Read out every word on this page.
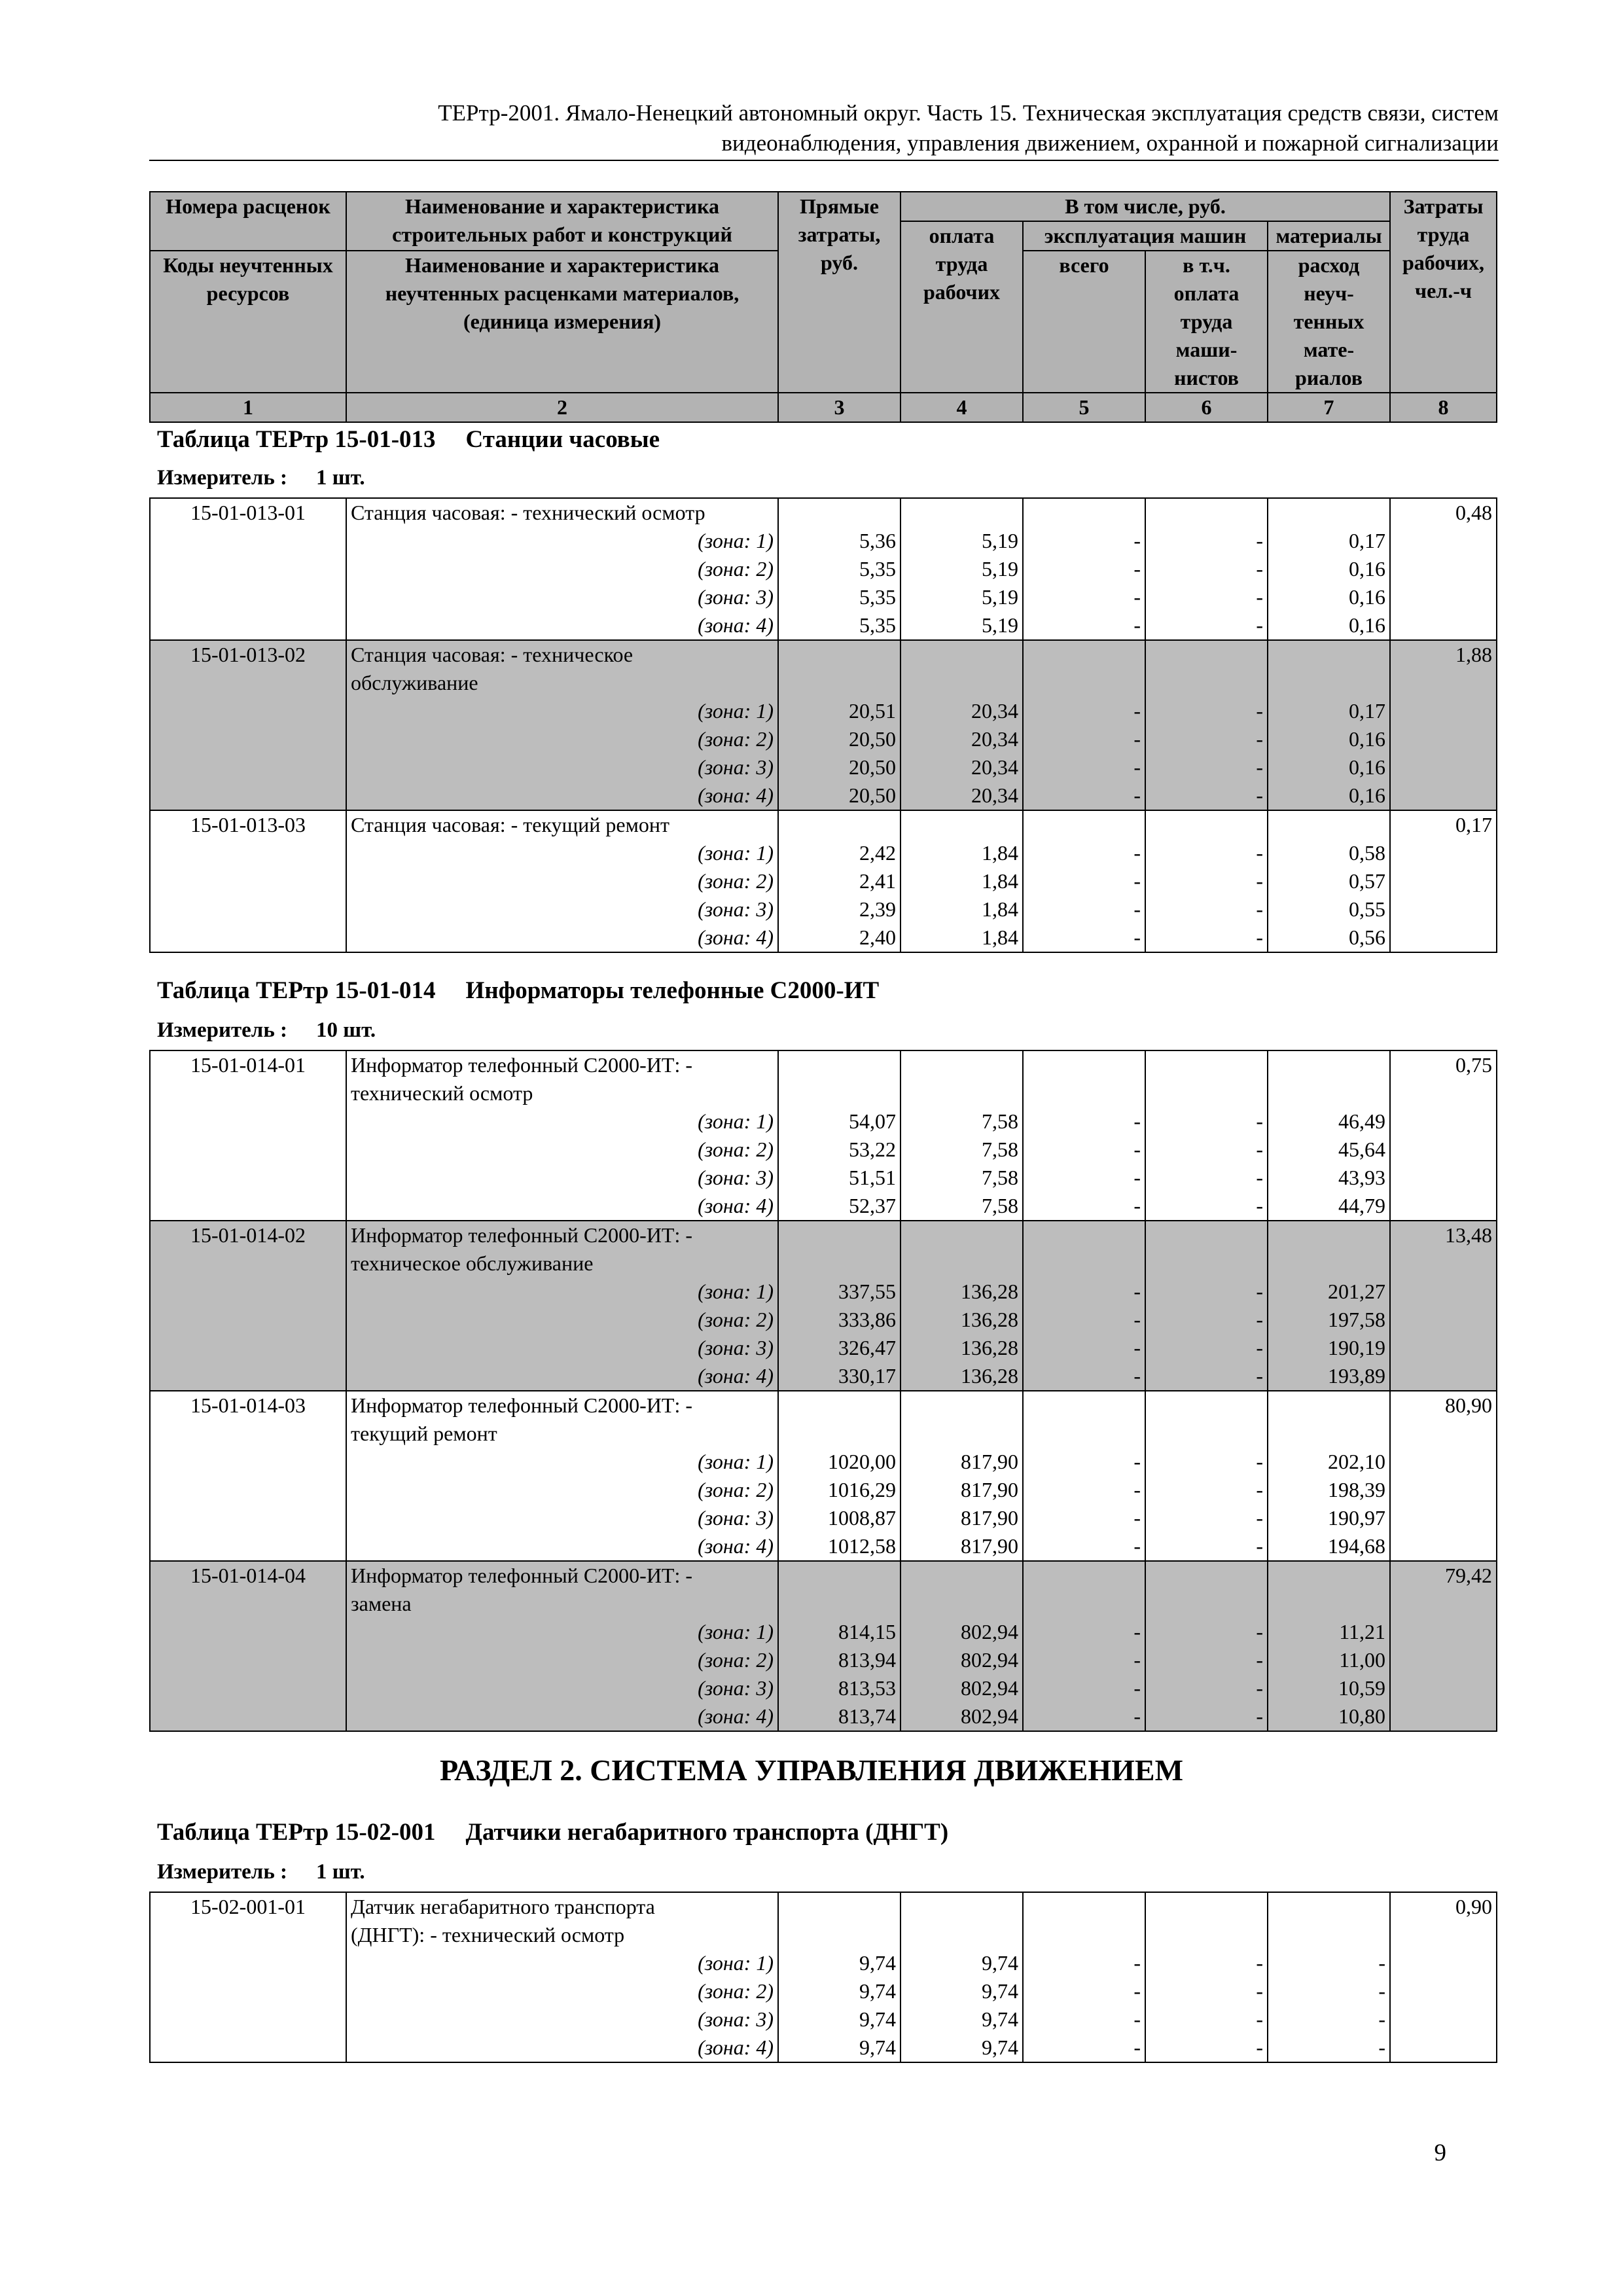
ТЕРтр-2001. Ямало-Ненецкий автономный округ. Часть 15. Техническая эксплуатация средств связи, систем
видеонаблюдения, управления движением, охранной и пожарной сигнализации
Номера расценок	Наименование и характеристика строительных работ и конструкций	Прямые затраты, руб.	В том числе, руб.				Затраты труда рабочих, чел.-ч
			оплата труда рабочих	эксплуатация машин		материалы	
Коды неучтенных ресурсов	Наименование и характеристика неучтенных расценками материалов, (единица измерения)			всего	в т.ч. оплата труда маши-нистов	расход неуч-тенных мате-риалов	

1	2	3	4	5	6	7	8
Таблица ТЕРтр 15-01-013 Станции часовые
Измеритель : 1 шт.
15-01-013-01	Станция часовая: - технический осмотр						0,48
	(зона: 1)	5,36	5,19	-	-	0,17	
	(зона: 2)	5,35	5,19	-	-	0,16	
	(зона: 3)	5,35	5,19	-	-	0,16	
	(зона: 4)	5,35	5,19	-	-	0,16	
15-01-013-02	Станция часовая: - техническое						1,88
	обслуживание						
	(зона: 1)	20,51	20,34	-	-	0,17	
	(зона: 2)	20,50	20,34	-	-	0,16	
	(зона: 3)	20,50	20,34	-	-	0,16	
	(зона: 4)	20,50	20,34	-	-	0,16	
15-01-013-03	Станция часовая: - текущий ремонт						0,17
	(зона: 1)	2,42	1,84	-	-	0,58	
	(зона: 2)	2,41	1,84	-	-	0,57	
	(зона: 3)	2,39	1,84	-	-	0,55	
	(зона: 4)	2,40	1,84	-	-	0,56	
Таблица ТЕРтр 15-01-014 Информаторы телефонные С2000-ИТ
Измеритель : 10 шт.
15-01-014-01	Информатор телефонный С2000-ИТ: -						0,75
	технический осмотр						
	(зона: 1)	54,07	7,58	-	-	46,49	
	(зона: 2)	53,22	7,58	-	-	45,64	
	(зона: 3)	51,51	7,58	-	-	43,93	
	(зона: 4)	52,37	7,58	-	-	44,79	
15-01-014-02	Информатор телефонный С2000-ИТ: -						13,48
	техническое обслуживание						
	(зона: 1)	337,55	136,28	-	-	201,27	
	(зона: 2)	333,86	136,28	-	-	197,58	
	(зона: 3)	326,47	136,28	-	-	190,19	
	(зона: 4)	330,17	136,28	-	-	193,89	
15-01-014-03	Информатор телефонный С2000-ИТ: -						80,90
	текущий ремонт						
	(зона: 1)	1020,00	817,90	-	-	202,10	
	(зона: 2)	1016,29	817,90	-	-	198,39	
	(зона: 3)	1008,87	817,90	-	-	190,97	
	(зона: 4)	1012,58	817,90	-	-	194,68	
15-01-014-04	Информатор телефонный С2000-ИТ: -						79,42
	замена						
	(зона: 1)	814,15	802,94	-	-	11,21	
	(зона: 2)	813,94	802,94	-	-	11,00	
	(зона: 3)	813,53	802,94	-	-	10,59	
	(зона: 4)	813,74	802,94	-	-	10,80	
РАЗДЕЛ 2. СИСТЕМА УПРАВЛЕНИЯ ДВИЖЕНИЕМ
Таблица ТЕРтр 15-02-001 Датчики негабаритного транспорта (ДНГТ)
Измеритель : 1 шт.
15-02-001-01	Датчик негабаритного транспорта						0,90
	(ДНГТ): - технический осмотр						
	(зона: 1)	9,74	9,74	-	-	-	
	(зона: 2)	9,74	9,74	-	-	-	
	(зона: 3)	9,74	9,74	-	-	-	
	(зона: 4)	9,74	9,74	-	-	-	
9
